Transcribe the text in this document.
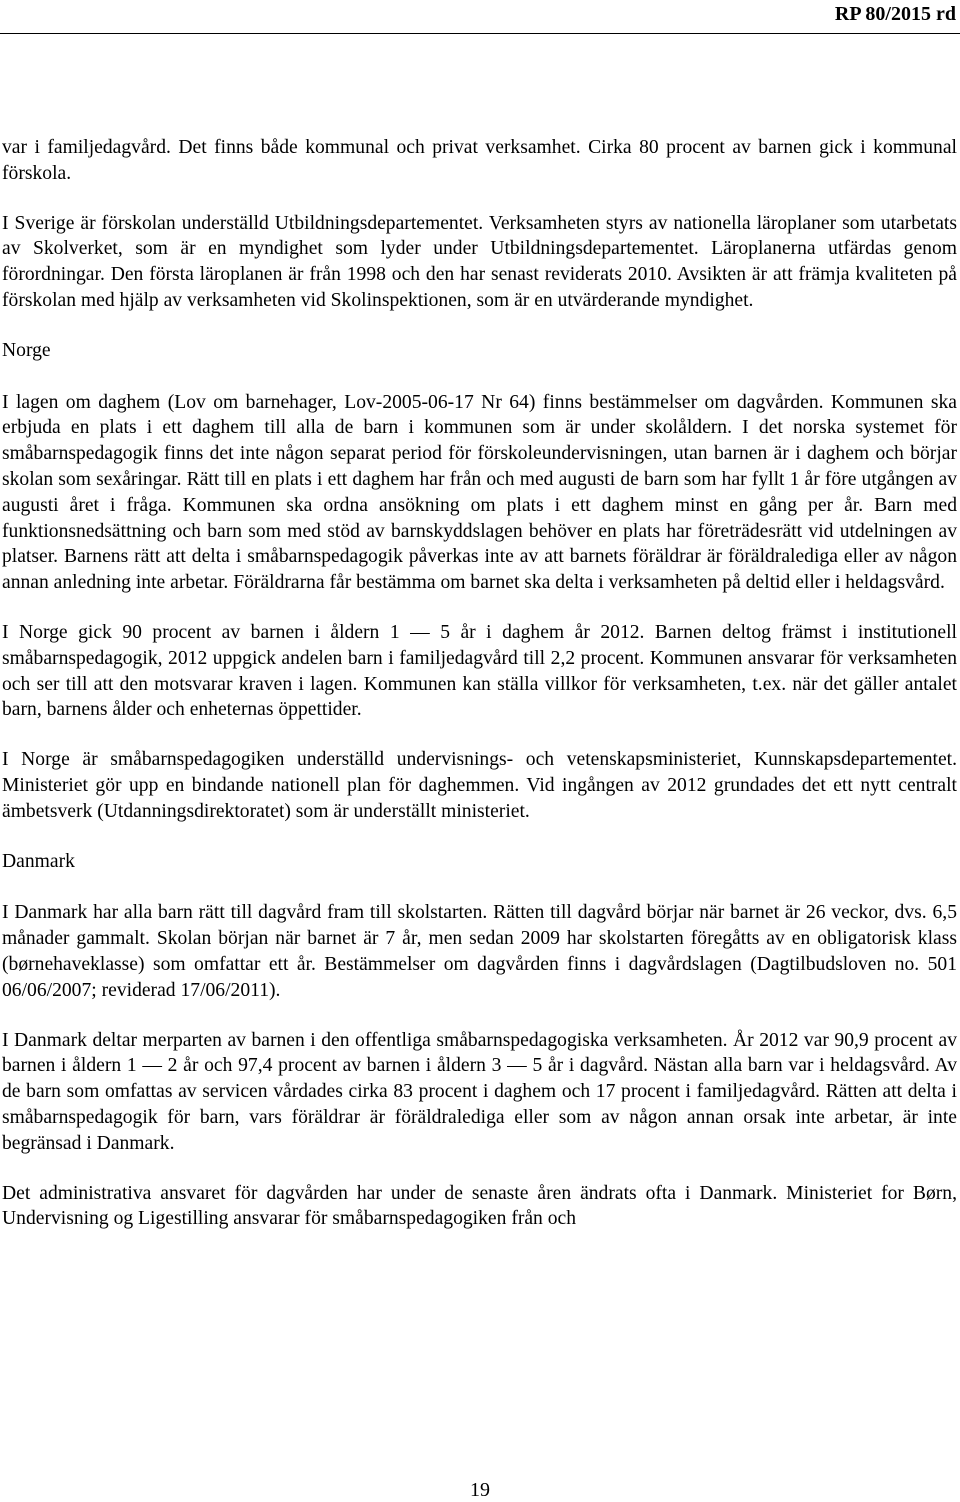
RP 80/2015 rd

var i familjedagvård. Det finns både kommunal och privat verksamhet. Cirka 80 procent av barnen gick i kommunal förskola.

I Sverige är förskolan underställd Utbildningsdepartementet. Verksamheten styrs av nationella läroplaner som utarbetats av Skolverket, som är en myndighet som lyder under Utbildningsdepartementet. Läroplanerna utfärdas genom förordningar. Den första läroplanen är från 1998 och den har senast reviderats 2010. Avsikten är att främja kvaliteten på förskolan med hjälp av verksamheten vid Skolinspektionen, som är en utvärderande myndighet.

Norge

I lagen om daghem (Lov om barnehager, Lov-2005-06-17 Nr 64) finns bestämmelser om dagvården. Kommunen ska erbjuda en plats i ett daghem till alla de barn i kommunen som är under skolåldern. I det norska systemet för småbarnspedagogik finns det inte någon separat period för förskoleundervisningen, utan barnen är i daghem och börjar skolan som sexåringar. Rätt till en plats i ett daghem har från och med augusti de barn som har fyllt 1 år före utgången av augusti året i fråga. Kommunen ska ordna ansökning om plats i ett daghem minst en gång per år. Barn med funktionsnedsättning och barn som med stöd av barnskyddslagen behöver en plats har företrädesrätt vid utdelningen av platser. Barnens rätt att delta i småbarnspedagogik påverkas inte av att barnets föräldrar är föräldralediga eller av någon annan anledning inte arbetar. Föräldrarna får bestämma om barnet ska delta i verksamheten på deltid eller i heldagsvård.

I Norge gick 90 procent av barnen i åldern 1 — 5 år i daghem år 2012. Barnen deltog främst i institutionell småbarnspedagogik, 2012 uppgick andelen barn i familjedagvård till 2,2 procent. Kommunen ansvarar för verksamheten och ser till att den motsvarar kraven i lagen. Kommunen kan ställa villkor för verksamheten, t.ex. när det gäller antalet barn, barnens ålder och enheternas öppettider.

I Norge är småbarnspedagogiken underställd undervisnings- och vetenskapsministeriet, Kunnskapsdepartementet. Ministeriet gör upp en bindande nationell plan för daghemmen. Vid ingången av 2012 grundades det ett nytt centralt ämbetsverk (Utdanningsdirektoratet) som är underställt ministeriet.

Danmark

I Danmark har alla barn rätt till dagvård fram till skolstarten. Rätten till dagvård börjar när barnet är 26 veckor, dvs. 6,5 månader gammalt. Skolan början när barnet är 7 år, men sedan 2009 har skolstarten föregåtts av en obligatorisk klass (børnehaveklasse) som omfattar ett år. Bestämmelser om dagvården finns i dagvårdslagen (Dagtilbudsloven no. 501 06/06/2007; reviderad 17/06/2011).

I Danmark deltar merparten av barnen i den offentliga småbarnspedagogiska verksamheten. År 2012 var 90,9 procent av barnen i åldern 1 — 2 år och 97,4 procent av barnen i åldern 3 — 5 år i dagvård. Nästan alla barn var i heldagsvård. Av de barn som omfattas av servicen vårdades cirka 83 procent i daghem och 17 procent i familjedagvård. Rätten att delta i småbarnspedagogik för barn, vars föräldrar är föräldralediga eller som av någon annan orsak inte arbetar, är inte begränsad i Danmark.

Det administrativa ansvaret för dagvården har under de senaste åren ändrats ofta i Danmark. Ministeriet for Børn, Undervisning og Ligestilling ansvarar för småbarnspedagogiken från och

19
